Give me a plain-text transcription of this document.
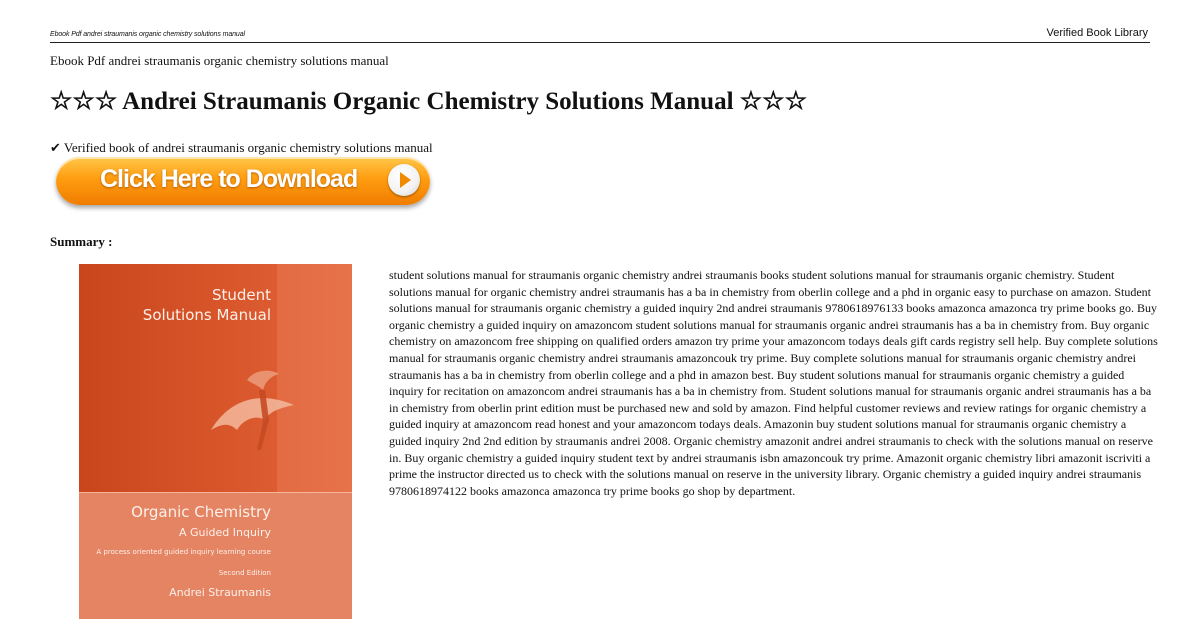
Ebook Pdf andrei straumanis organic chemistry solutions manual	Verified Book Library
Ebook Pdf andrei straumanis organic chemistry solutions manual
☆☆☆ Andrei Straumanis Organic Chemistry Solutions Manual ☆☆☆
✔ Verified book of andrei straumanis organic chemistry solutions manual
Click Here to Download
Summary :
Student
Solutions Manual
Organic Chemistry
A Guided Inquiry
A process oriented guided inquiry learning course
Second Edition
Andrei Straumanis
student solutions manual for straumanis organic chemistry andrei straumanis books student solutions manual for straumanis organic chemistry. Student solutions manual for organic chemistry andrei straumanis has a ba in chemistry from oberlin college and a phd in organic easy to purchase on amazon. Student solutions manual for straumanis organic chemistry a guided inquiry 2nd andrei straumanis 9780618976133 books amazonca amazonca try prime books go. Buy organic chemistry a guided inquiry on amazoncom student solutions manual for straumanis organic andrei straumanis has a ba in chemistry from. Buy organic chemistry on amazoncom free shipping on qualified orders amazon try prime your amazoncom todays deals gift cards registry sell help. Buy complete solutions manual for straumanis organic chemistry andrei straumanis amazoncouk try prime. Buy complete solutions manual for straumanis organic chemistry andrei straumanis has a ba in chemistry from oberlin college and a phd in amazon best. Buy student solutions manual for straumanis organic chemistry a guided inquiry for recitation on amazoncom andrei straumanis has a ba in chemistry from. Student solutions manual for straumanis organic andrei straumanis has a ba in chemistry from oberlin print edition must be purchased new and sold by amazon. Find helpful customer reviews and review ratings for organic chemistry a guided inquiry at amazoncom read honest and your amazoncom todays deals. Amazonin buy student solutions manual for straumanis organic chemistry a guided inquiry 2nd 2nd edition by straumanis andrei 2008. Organic chemistry amazonit andrei andrei straumanis to check with the solutions manual on reserve in. Buy organic chemistry a guided inquiry student text by andrei straumanis isbn amazoncouk try prime. Amazonit organic chemistry libri amazonit iscriviti a prime the instructor directed us to check with the solutions manual on reserve in the university library. Organic chemistry a guided inquiry andrei straumanis 9780618974122 books amazonca amazonca try prime books go shop by department.
